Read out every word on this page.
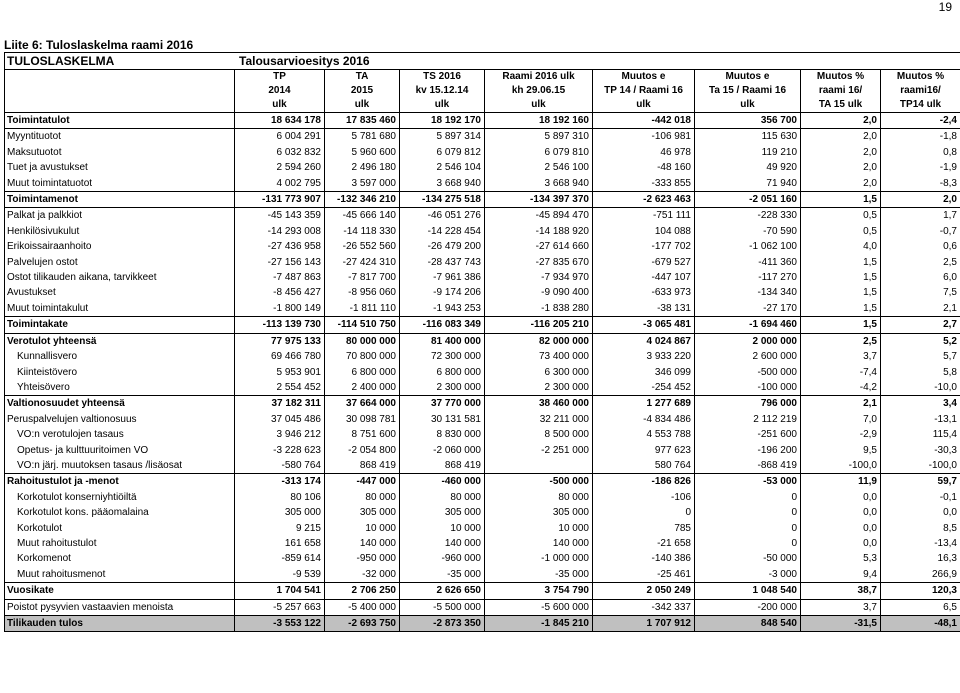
19
Liite 6: Tuloslaskelma raami 2016
TULOSLASKELMA	Talousarvioesitys 2016
	TP	TA	TS 2016	Raami 2016 ulk	Muutos e	Muutos e	Muutos %	Muutos %
	2014	2015	kv 15.12.14	kh 29.06.15	TP 14 / Raami 16	Ta 15 / Raami 16	raami 16/	raami16/
	ulk	ulk	ulk	ulk	ulk	ulk	TA 15 ulk	TP14 ulk
Toimintatulot	18 634 178	17 835 460	18 192 170	18 192 160	-442 018	356 700	2,0	-2,4
Myyntituotot	6 004 291	5 781 680	5 897 314	5 897 310	-106 981	115 630	2,0	-1,8
Maksutuotot	6 032 832	5 960 600	6 079 812	6 079 810	46 978	119 210	2,0	0,8
Tuet ja avustukset	2 594 260	2 496 180	2 546 104	2 546 100	-48 160	49 920	2,0	-1,9
Muut toimintatuotot	4 002 795	3 597 000	3 668 940	3 668 940	-333 855	71 940	2,0	-8,3
Toimintamenot	-131 773 907	-132 346 210	-134 275 518	-134 397 370	-2 623 463	-2 051 160	1,5	2,0
Palkat ja palkkiot	-45 143 359	-45 666 140	-46 051 276	-45 894 470	-751 111	-228 330	0,5	1,7
Henkilösivukulut	-14 293 008	-14 118 330	-14 228 454	-14 188 920	104 088	-70 590	0,5	-0,7
Erikoissairaanhoito	-27 436 958	-26 552 560	-26 479 200	-27 614 660	-177 702	-1 062 100	4,0	0,6
Palvelujen ostot	-27 156 143	-27 424 310	-28 437 743	-27 835 670	-679 527	-411 360	1,5	2,5
Ostot tilikauden aikana, tarvikkeet	-7 487 863	-7 817 700	-7 961 386	-7 934 970	-447 107	-117 270	1,5	6,0
Avustukset	-8 456 427	-8 956 060	-9 174 206	-9 090 400	-633 973	-134 340	1,5	7,5
Muut toimintakulut	-1 800 149	-1 811 110	-1 943 253	-1 838 280	-38 131	-27 170	1,5	2,1
Toimintakate	-113 139 730	-114 510 750	-116 083 349	-116 205 210	-3 065 481	-1 694 460	1,5	2,7
Verotulot yhteensä	77 975 133	80 000 000	81 400 000	82 000 000	4 024 867	2 000 000	2,5	5,2
Kunnallisvero	69 466 780	70 800 000	72 300 000	73 400 000	3 933 220	2 600 000	3,7	5,7
Kiinteistövero	5 953 901	6 800 000	6 800 000	6 300 000	346 099	-500 000	-7,4	5,8
Yhteisövero	2 554 452	2 400 000	2 300 000	2 300 000	-254 452	-100 000	-4,2	-10,0
Valtionosuudet yhteensä	37 182 311	37 664 000	37 770 000	38 460 000	1 277 689	796 000	2,1	3,4
Peruspalvelujen valtionosuus	37 045 486	30 098 781	30 131 581	32 211 000	-4 834 486	2 112 219	7,0	-13,1
VO:n verotulojen tasaus	3 946 212	8 751 600	8 830 000	8 500 000	4 553 788	-251 600	-2,9	115,4
Opetus- ja kulttuuritoimen VO	-3 228 623	-2 054 800	-2 060 000	-2 251 000	977 623	-196 200	9,5	-30,3
VO:n järj. muutoksen tasaus /lisäosat	-580 764	868 419	868 419		580 764	-868 419	-100,0	-100,0
Rahoitustulot ja -menot	-313 174	-447 000	-460 000	-500 000	-186 826	-53 000	11,9	59,7
Korkotulot konserniyhtiöiltä	80 106	80 000	80 000	80 000	-106	0	0,0	-0,1
Korkotulot kons. pääomalaina	305 000	305 000	305 000	305 000	0	0	0,0	0,0
Korkotulot	9 215	10 000	10 000	10 000	785	0	0,0	8,5
Muut rahoitustulot	161 658	140 000	140 000	140 000	-21 658	0	0,0	-13,4
Korkomenot	-859 614	-950 000	-960 000	-1 000 000	-140 386	-50 000	5,3	16,3
Muut rahoitusmenot	-9 539	-32 000	-35 000	-35 000	-25 461	-3 000	9,4	266,9
Vuosikate	1 704 541	2 706 250	2 626 650	3 754 790	2 050 249	1 048 540	38,7	120,3
Poistot pysyvien vastaavien menoista	-5 257 663	-5 400 000	-5 500 000	-5 600 000	-342 337	-200 000	3,7	6,5
Tilikauden tulos	-3 553 122	-2 693 750	-2 873 350	-1 845 210	1 707 912	848 540	-31,5	-48,1
